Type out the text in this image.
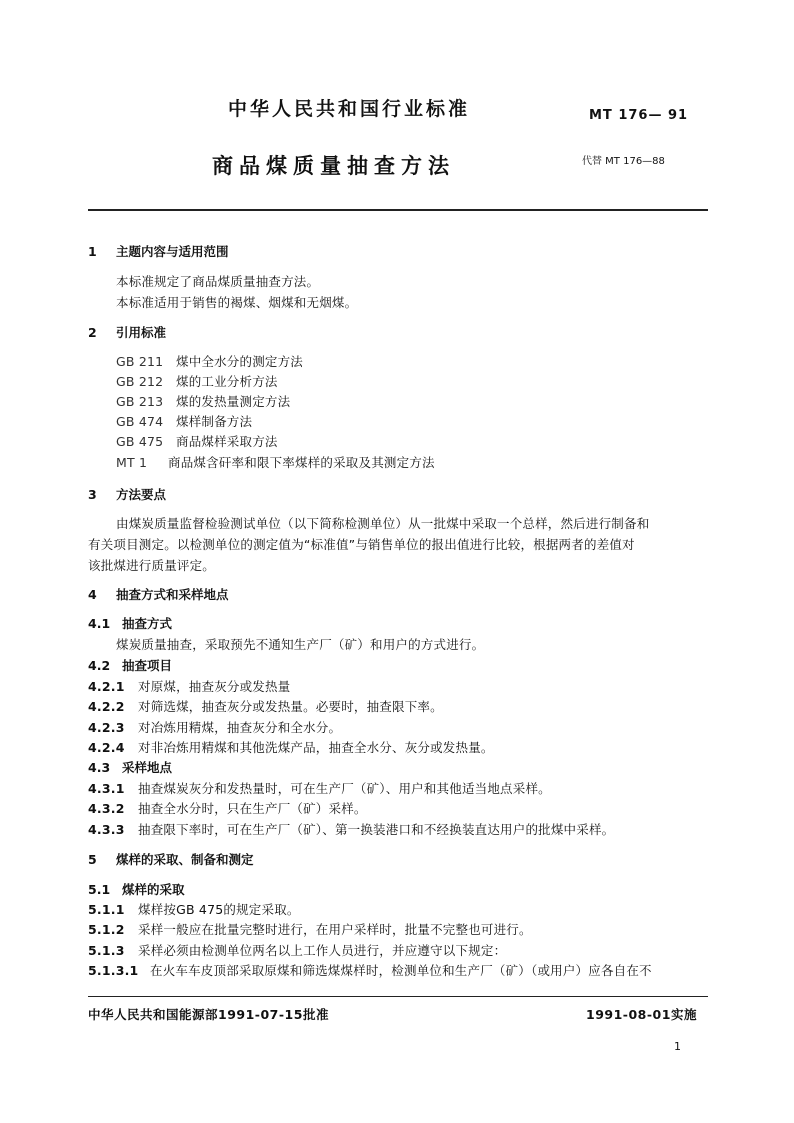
中华人民共和国行业标准	MT 176— 91
商品煤质量抽查方法	代替 MT 176—88
1 主题内容与适用范围
本标准规定了商品煤质量抽查方法。
本标准适用于销售的褐煤、烟煤和无烟煤。
2 引用标准
GB 211 煤中全水分的测定方法
GB 212 煤的工业分析方法
GB 213 煤的发热量测定方法
GB 474 煤样制备方法
GB 475 商品煤样采取方法
MT 1 商品煤含矸率和限下率煤样的采取及其测定方法
3 方法要点
由煤炭质量监督检验测试单位（以下简称检测单位）从一批煤中采取一个总样，然后进行制备和
有关项目测定。以检测单位的测定值为“标准值”与销售单位的报出值进行比较，根据两者的差值对
该批煤进行质量评定。
4 抽查方式和采样地点
4.1 抽查方式
煤炭质量抽查，采取预先不通知生产厂（矿）和用户的方式进行。
4.2 抽查项目
4.2.1 对原煤，抽查灰分或发热量
4.2.2 对筛选煤，抽查灰分或发热量。必要时，抽查限下率。
4.2.3 对冶炼用精煤，抽查灰分和全水分。
4.2.4 对非冶炼用精煤和其他洗煤产品，抽查全水分、灰分或发热量。
4.3 采样地点
4.3.1 抽查煤炭灰分和发热量时，可在生产厂（矿）、用户和其他适当地点采样。
4.3.2 抽查全水分时，只在生产厂（矿）采样。
4.3.3 抽查限下率时，可在生产厂（矿）、第一换装港口和不经换装直达用户的批煤中采样。
5 煤样的采取、制备和测定
5.1 煤样的采取
5.1.1 煤样按GB 475的规定采取。
5.1.2 采样一般应在批量完整时进行，在用户采样时，批量不完整也可进行。
5.1.3 采样必须由检测单位两名以上工作人员进行，并应遵守以下规定：
5.1.3.1 在火车车皮顶部采取原煤和筛选煤煤样时，检测单位和生产厂（矿）（或用户）应各自在不
中华人民共和国能源部1991-07-15批准	1991-08-01实施
1
